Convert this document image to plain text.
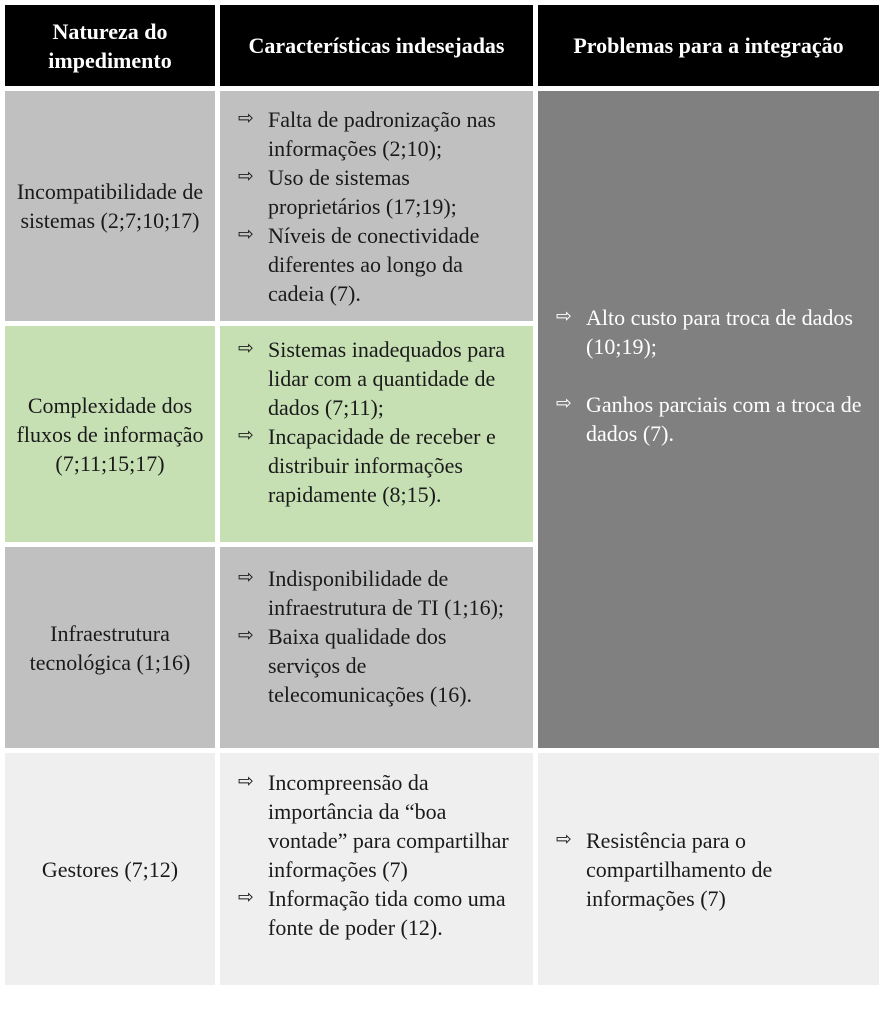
Natureza do impedimento
Características indesejadas	Problemas para a integração
Incompatibilidade de sistemas (2;7;10;17)
⇨ Falta de padronização nas informações (2;10);
⇨ Uso de sistemas proprietários (17;19);
⇨ Níveis de conectividade diferentes ao longo da cadeia (7).
Complexidade dos fluxos de informação (7;11;15;17)
⇨ Sistemas inadequados para lidar com a quantidade de dados (7;11);
⇨ Incapacidade de receber e distribuir informações rapidamente (8;15).
Infraestrutura tecnológica (1;16)
⇨ Indisponibilidade de infraestrutura de TI (1;16);
⇨ Baixa qualidade dos serviços de telecomunicações (16).
⇨ Alto custo para troca de dados (10;19);
⇨ Ganhos parciais com a troca de dados (7).
Gestores (7;12)
⇨ Incompreensão da importância da “boa vontade” para compartilhar informações (7)
⇨ Informação tida como uma fonte de poder (12).
⇨ Resistência para o compartilhamento de informações (7)
